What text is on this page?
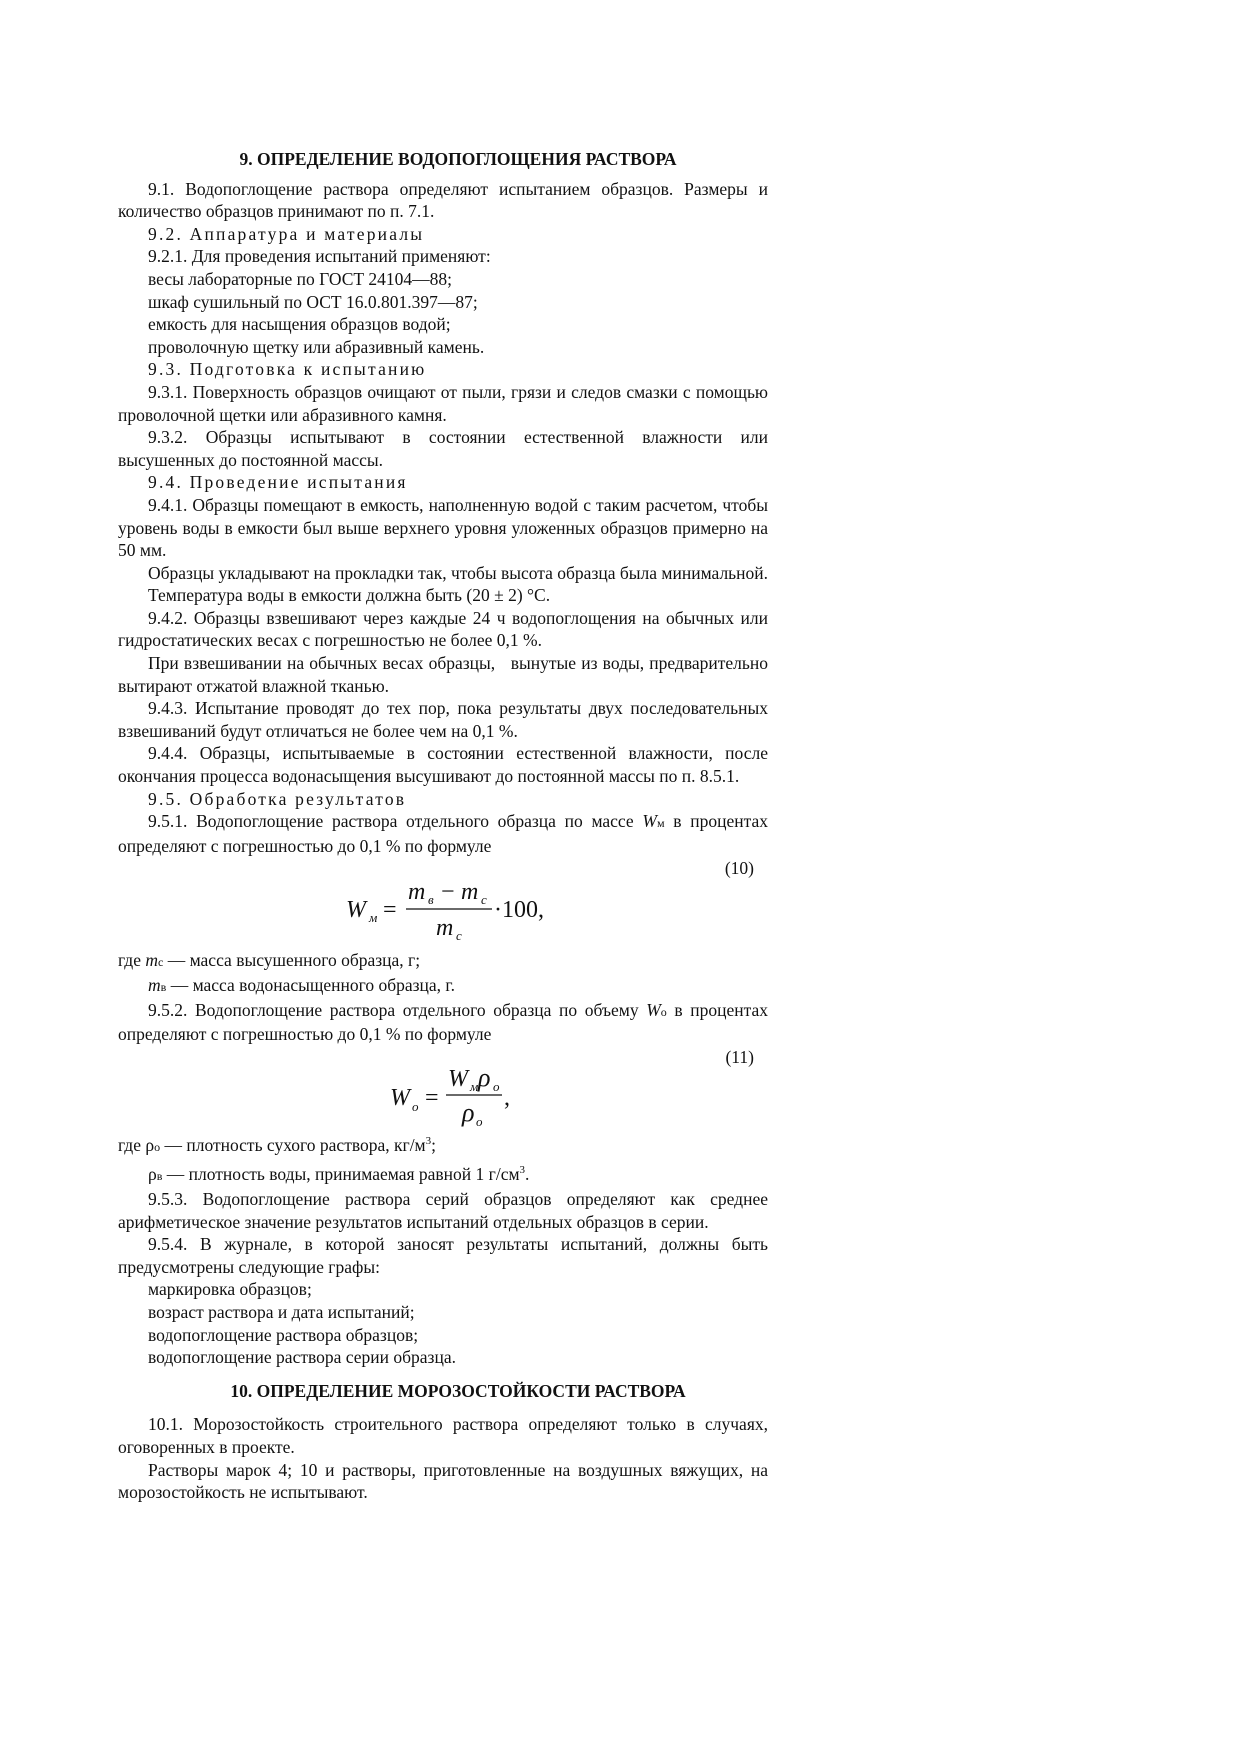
9. ОПРЕДЕЛЕНИЕ ВОДОПОГЛОЩЕНИЯ РАСТВОРА

9.1. Водопоглощение раствора определяют испытанием образцов. Размеры и количество образцов принимают по п. 7.1.

9.2. Аппаратура и материалы

9.2.1. Для проведения испытаний применяют:

весы лабораторные по ГОСТ 24104—88;

шкаф сушильный по ОСТ 16.0.801.397—87;

емкость для насыщения образцов водой;

проволочную щетку или абразивный камень.

9.3. Подготовка к испытанию

9.3.1. Поверхность образцов очищают от пыли, грязи и следов смазки с помощью проволочной щетки или абразивного камня.

9.3.2. Образцы испытывают в состоянии естественной влажности или высушенных до постоянной массы.

9.4. Проведение испытания

9.4.1. Образцы помещают в емкость, наполненную водой с таким расчетом, чтобы уровень воды в емкости был выше верхнего уровня уложенных образцов примерно на 50 мм.

Образцы укладывают на прокладки так, чтобы высота образца была минимальной.

Температура воды в емкости должна быть (20 ± 2) °С.

9.4.2. Образцы взвешивают через каждые 24 ч водопоглощения на обычных или гидростатических весах с погрешностью не более 0,1 %.

При взвешивании на обычных весах образцы,   вынутые из воды, предварительно вытирают отжатой влажной тканью.

9.4.3. Испытание проводят до тех пор, пока результаты двух последовательных взвешиваний будут отличаться не более чем на 0,1 %.

9.4.4. Образцы, испытываемые в состоянии естественной влажности, после окончания процесса водонасыщения высушивают до постоянной массы по п. 8.5.1.

9.5. Обработка результатов

9.5.1. Водопоглощение раствора отдельного образца по массе Wм в процентах определяют с погрешностью до 0,1 % по формуле

(10)
W м =
m в − m с
m с
·100,

где mс — масса высушенного образца, г;

mв — масса водонасыщенного образца, г.

9.5.2. Водопоглощение раствора отдельного образца по объему Wо в процентах определяют с погрешностью до 0,1 % по формуле

(11)
W o =
W м ρ o
ρ o
,

где ρо — плотность сухого раствора, $кг/м^3$;

ρв — плотность воды, принимаемая равной 1 $г/см^3$.

9.5.3. Водопоглощение раствора серий образцов определяют как среднее арифметическое значение результатов испытаний отдельных образцов в серии.

9.5.4. В журнале, в которой заносят результаты испытаний, должны быть предусмотрены следующие графы:

маркировка образцов;

возраст раствора и дата испытаний;

водопоглощение раствора образцов;

водопоглощение раствора серии образца.

10. ОПРЕДЕЛЕНИЕ МОРОЗОСТОЙКОСТИ РАСТВОРА

10.1. Морозостойкость строительного раствора определяют только в случаях, оговоренных в проекте.

Растворы марок 4; 10 и растворы, приготовленные на воздушных вяжущих, на морозостойкость не испытывают.
